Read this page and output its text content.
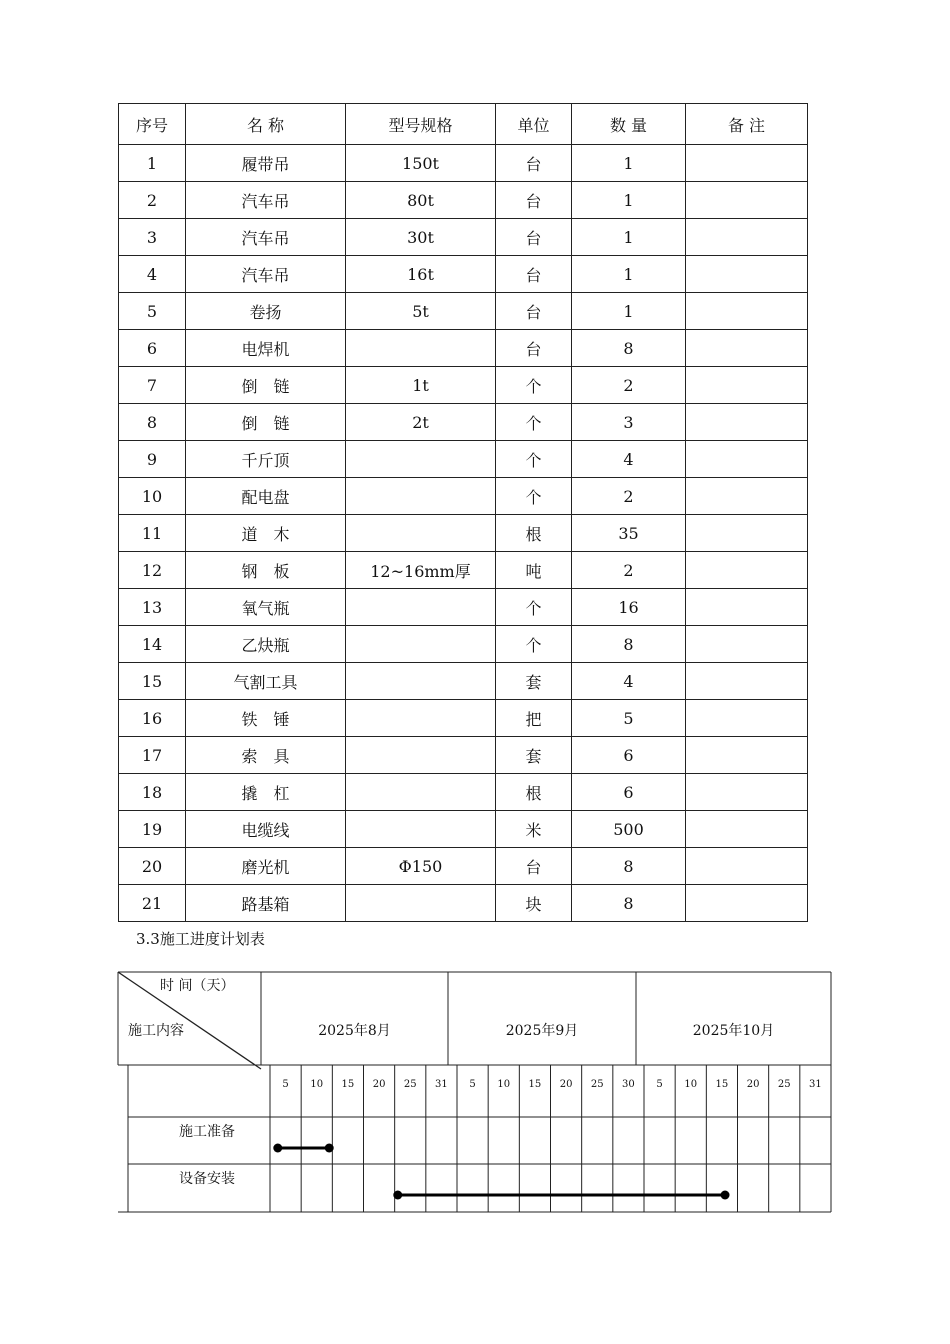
序号	名 称	型号规格	单位	数 量	备 注
1	履带吊	150t	台	1	
2	汽车吊	80t	台	1	
3	汽车吊	30t	台	1	
4	汽车吊	16t	台	1	
5	卷扬	5t	台	1	
6	电焊机		台	8	
7	倒　链	1t	个	2	
8	倒　链	2t	个	3	
9	千斤顶		个	4	
10	配电盘		个	2	
11	道　木		根	35	
12	钢　板	12~16mm厚	吨	2	
13	氧气瓶		个	16	
14	乙炔瓶		个	8	
15	气割工具		套	4	
16	铁　锤		把	5	
17	索　具		套	6	
18	撬　杠		根	6	
19	电缆线		米	500	
20	磨光机	Φ150	台	8	
21	路基箱		块	8	
3.3施工进度计划表
时 间（天）
施工内容	2025年8月	2025年9月	2025年10月
5 10 15 20 25 31 5 10 15 20 25 30 5 10 15 20 25 31
施工准备
设备安装
